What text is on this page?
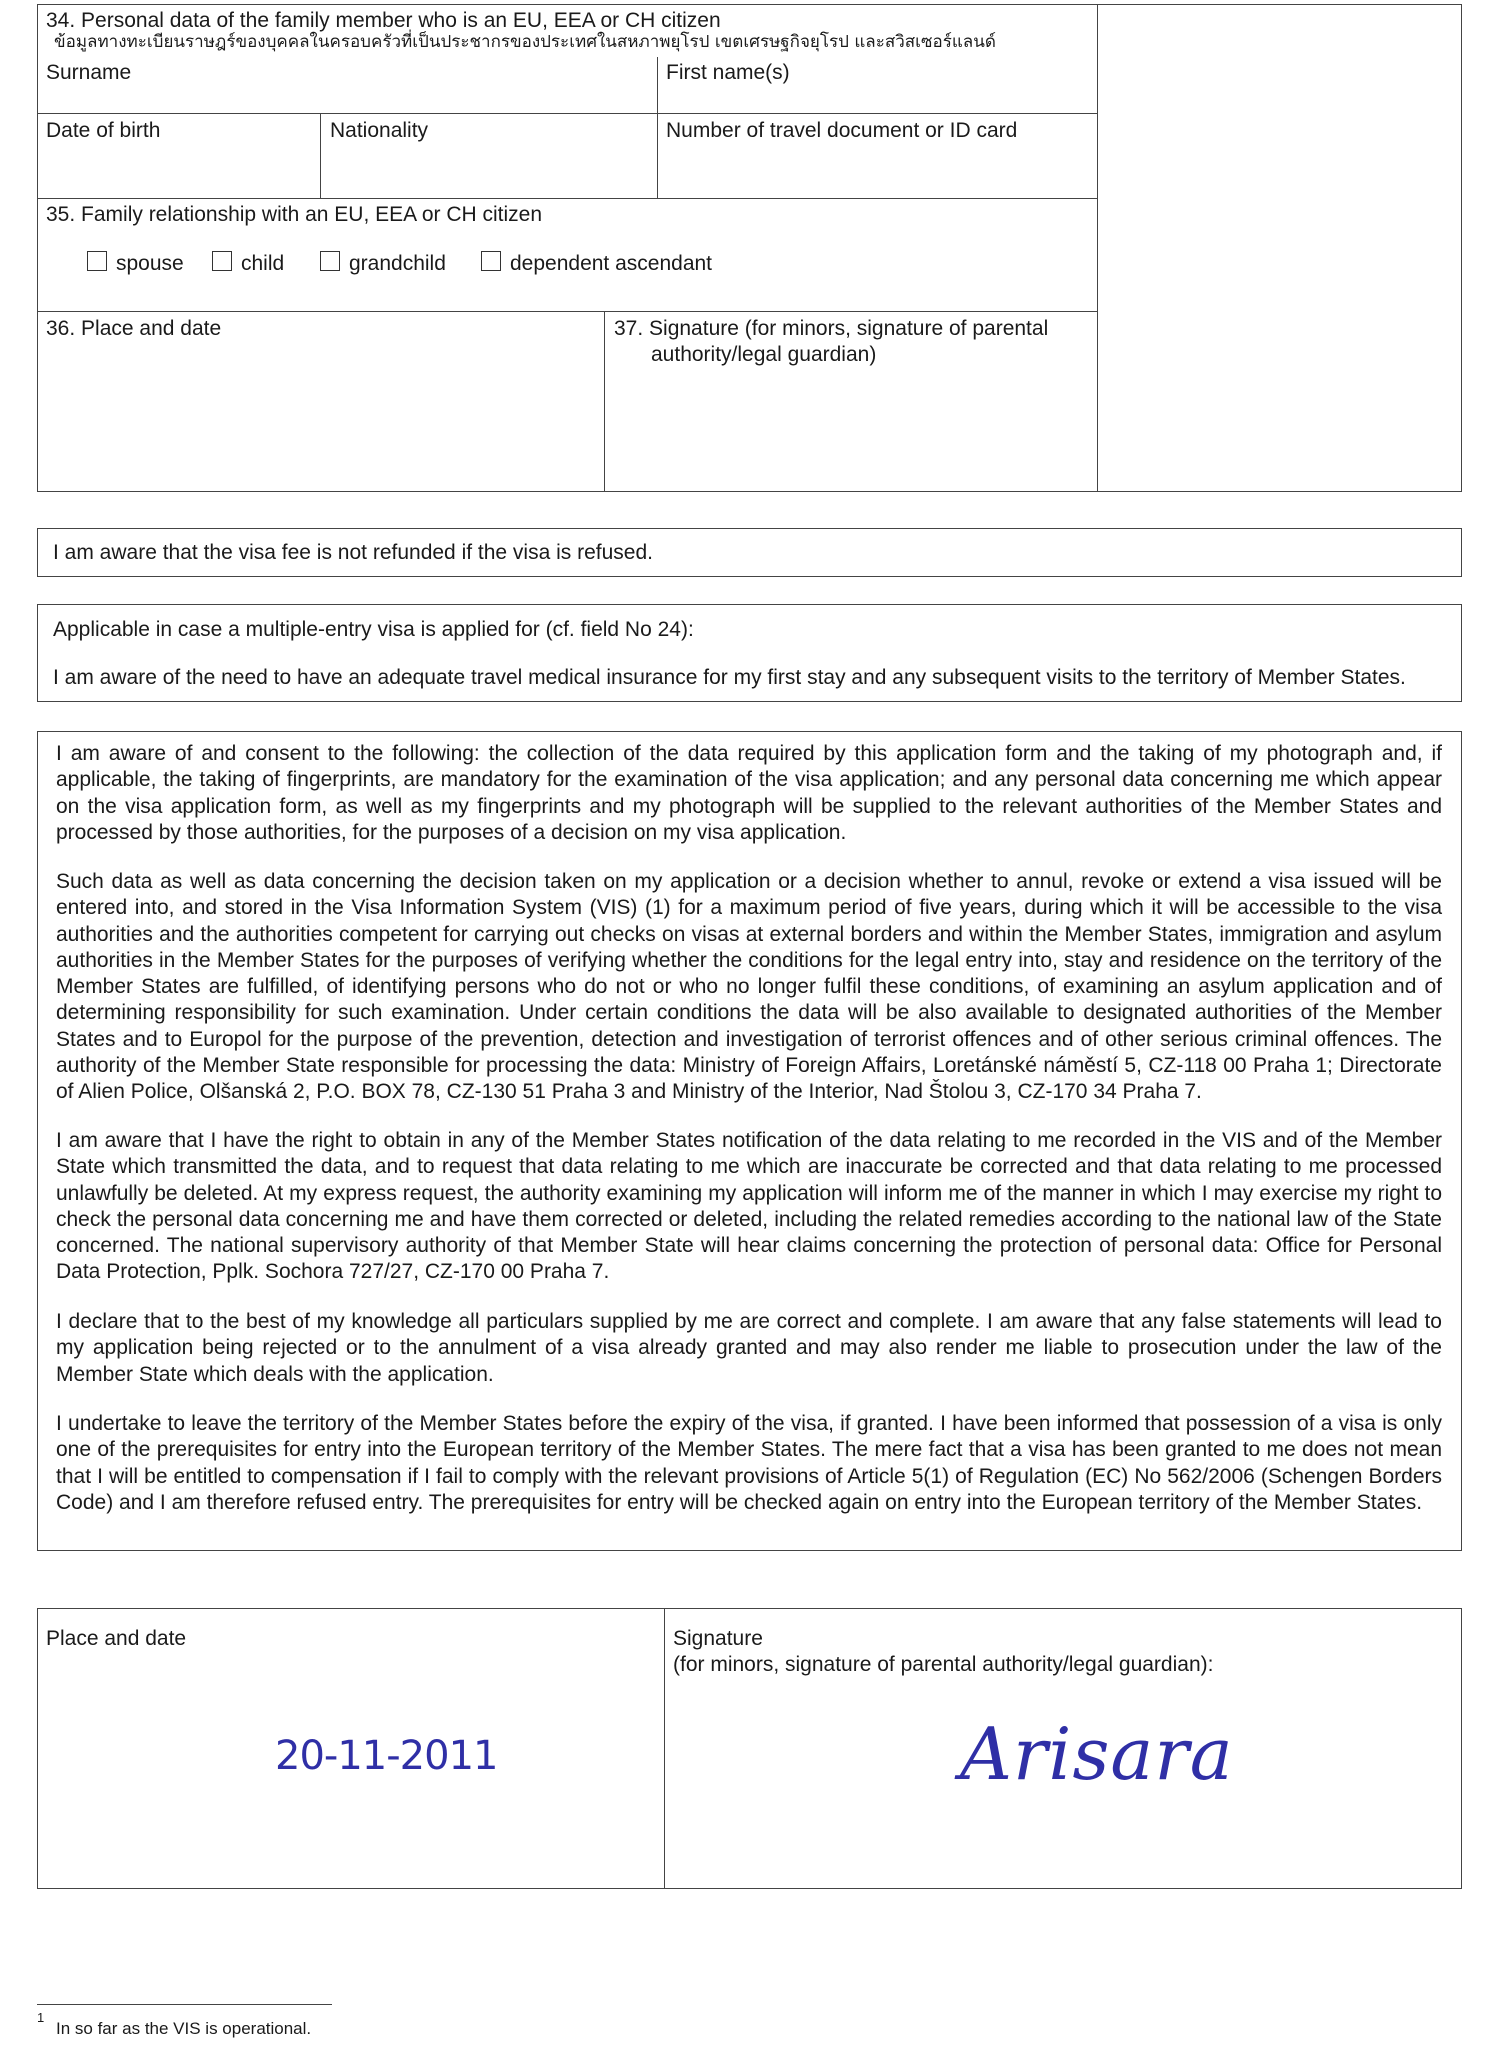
34. Personal data of the family member who is an EU, EEA or CH citizen
ข้อมูลทางทะเบียนราษฎร์ของบุคคลในครอบครัวที่เป็นประชากรของประเทศในสหภาพยุโรป เขตเศรษฐกิจยุโรป และสวิสเซอร์แลนด์
Surname	First name(s)
Date of birth	Nationality	Number of travel document or ID card
35. Family relationship with an EU, EEA or CH citizen
spouse	child	grandchild	dependent ascendant
36. Place and date	37. Signature (for minors, signature of parental
authority/legal guardian)
I am aware that the visa fee is not refunded if the visa is refused.
Applicable in case a multiple-entry visa is applied for (cf. field No 24):
I am aware of the need to have an adequate travel medical insurance for my first stay and any subsequent visits to the territory of Member States.

I am aware of and consent to the following: the collection of the data required by this application form and the taking of my photograph and, if applicable, the taking of fingerprints, are mandatory for the examination of the visa application; and any personal data concerning me which appear on the visa application form, as well as my fingerprints and my photograph will be supplied to the relevant authorities of the Member States and processed by those authorities, for the purposes of a decision on my visa application.

Such data as well as data concerning the decision taken on my application or a decision whether to annul, revoke or extend a visa issued will be entered into, and stored in the Visa Information System (VIS) (1) for a maximum period of five years, during which it will be accessible to the visa authorities and the authorities competent for carrying out checks on visas at external borders and within the Member States, immigration and asylum authorities in the Member States for the purposes of verifying whether the conditions for the legal entry into, stay and residence on the territory of the Member States are fulfilled, of identifying persons who do not or who no longer fulfil these conditions, of examining an asylum application and of determining responsibility for such examination. Under certain conditions the data will be also available to designated authorities of the Member States and to Europol for the purpose of the prevention, detection and investigation of terrorist offences and of other serious criminal offences. The authority of the Member State responsible for processing the data: Ministry of Foreign Affairs, Loretánské náměstí 5, CZ-118 00 Praha 1; Directorate of Alien Police, Olšanská 2, P.O. BOX 78, CZ-130 51 Praha 3 and Ministry of the Interior, Nad Štolou 3, CZ-170 34 Praha 7.

I am aware that I have the right to obtain in any of the Member States notification of the data relating to me recorded in the VIS and of the Member State which transmitted the data, and to request that data relating to me which are inaccurate be corrected and that data relating to me processed unlawfully be deleted. At my express request, the authority examining my application will inform me of the manner in which I may exercise my right to check the personal data concerning me and have them corrected or deleted, including the related remedies according to the national law of the State concerned. The national supervisory authority of that Member State will hear claims concerning the protection of personal data: Office for Personal Data Protection, Pplk. Sochora 727/27, CZ-170 00 Praha 7.

I declare that to the best of my knowledge all particulars supplied by me are correct and complete. I am aware that any false statements will lead to my application being rejected or to the annulment of a visa already granted and may also render me liable to prosecution under the law of the Member State which deals with the application.

I undertake to leave the territory of the Member States before the expiry of the visa, if granted. I have been informed that possession of a visa is only one of the prerequisites for entry into the European territory of the Member States. The mere fact that a visa has been granted to me does not mean that I will be entitled to compensation if I fail to comply with the relevant provisions of Article 5(1) of Regulation (EC) No 562/2006 (Schengen Borders Code) and I am therefore refused entry. The prerequisites for entry will be checked again on entry into the European territory of the Member States.

Place and date
20-11-2011
Signature
(for minors, signature of parental authority/legal guardian):
Arisara
1
In so far as the VIS is operational.
